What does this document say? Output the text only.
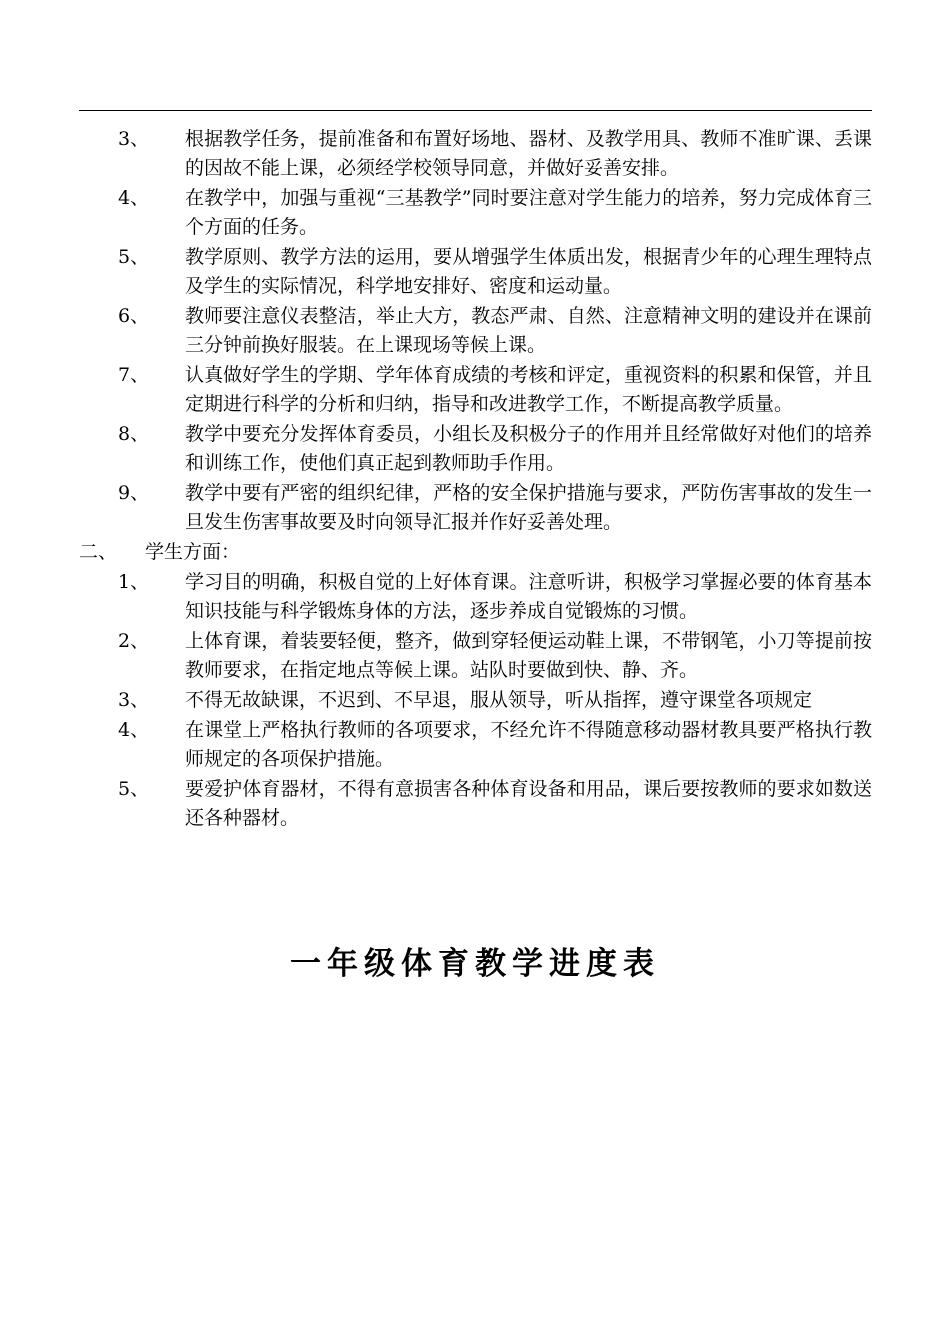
3、	根据教学任务，提前准备和布置好场地、器材、及教学用具、教师不准旷课、丢课的因故不能上课，必须经学校领导同意，并做好妥善安排。
4、	在教学中，加强与重视“三基教学”同时要注意对学生能力的培养，努力完成体育三个方面的任务。
5、	教学原则、教学方法的运用，要从增强学生体质出发，根据青少年的心理生理特点及学生的实际情况，科学地安排好、密度和运动量。
6、	教师要注意仪表整洁，举止大方，教态严肃、自然、注意精神文明的建设并在课前三分钟前换好服装。在上课现场等候上课。
7、	认真做好学生的学期、学年体育成绩的考核和评定，重视资料的积累和保管，并且定期进行科学的分析和归纳，指导和改进教学工作，不断提高教学质量。
8、	教学中要充分发挥体育委员，小组长及积极分子的作用并且经常做好对他们的培养和训练工作，使他们真正起到教师助手作用。
9、	教学中要有严密的组织纪律，严格的安全保护措施与要求，严防伤害事故的发生一旦发生伤害事故要及时向领导汇报并作好妥善处理。
二、	学生方面：
1、	学习目的明确，积极自觉的上好体育课。注意听讲，积极学习掌握必要的体育基本知识技能与科学锻炼身体的方法，逐步养成自觉锻炼的习惯。
2、	上体育课，着装要轻便，整齐，做到穿轻便运动鞋上课，不带钢笔，小刀等提前按教师要求，在指定地点等候上课。站队时要做到快、静、齐。
3、	不得无故缺课，不迟到、不早退，服从领导，听从指挥，遵守课堂各项规定
4、	在课堂上严格执行教师的各项要求，不经允许不得随意移动器材教具要严格执行教师规定的各项保护措施。
5、	要爱护体育器材，不得有意损害各种体育设备和用品，课后要按教师的要求如数送还各种器材。
一年级体育教学进度表
